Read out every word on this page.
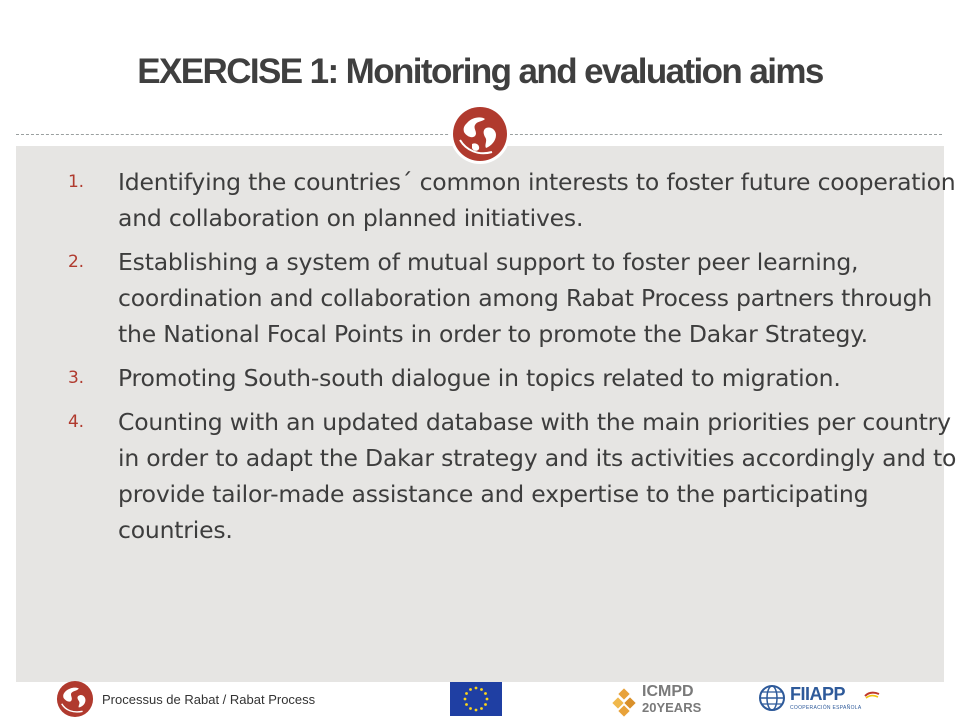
EXERCISE 1: Monitoring and evaluation aims
1. Identifying the countries´ common interests to foster future cooperation and collaboration on planned initiatives.
2. Establishing a system of mutual support to foster peer learning, coordination and collaboration among Rabat Process partners through the National Focal Points in order to promote the Dakar Strategy.
3. Promoting South-south dialogue in topics related to migration.
4. Counting with an updated database with the main priorities per country in order to adapt the Dakar strategy and its activities accordingly and to provide tailor-made assistance and expertise to the participating countries.
Processus de Rabat / Rabat Process	ICMPD
20YEARS
FIIAPP
COOPERACIÓN ESPAÑOLA
